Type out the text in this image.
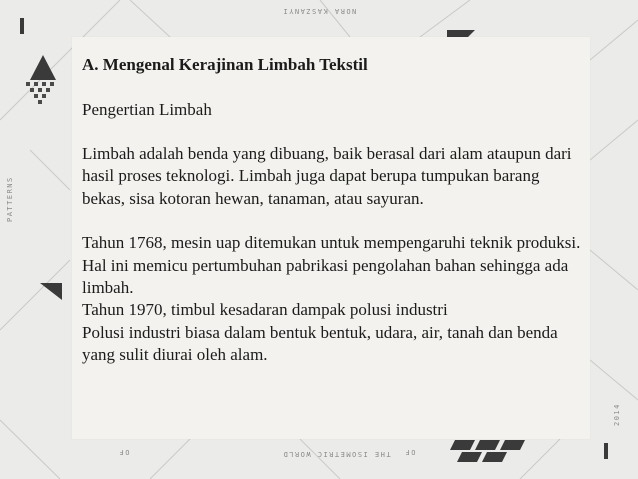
NORA KASZANYI
THE ISOMETRIC WORLD
PATTERNS
2014
OF	OF

A. Mengenal Kerajinan Limbah Tekstil

Pengertian Limbah

Limbah adalah benda yang dibuang, baik berasal dari alam ataupun dari hasil proses teknologi. Limbah juga dapat berupa tumpukan barang bekas, sisa kotoran hewan, tanaman, atau sayuran.

Tahun 1768, mesin uap ditemukan untuk mempengaruhi teknik produksi.

Hal ini memicu pertumbuhan pabrikasi pengolahan bahan sehingga ada limbah.

Tahun 1970, timbul kesadaran dampak polusi industri

Polusi industri biasa dalam bentuk bentuk, udara, air, tanah dan benda yang sulit diurai oleh alam.
